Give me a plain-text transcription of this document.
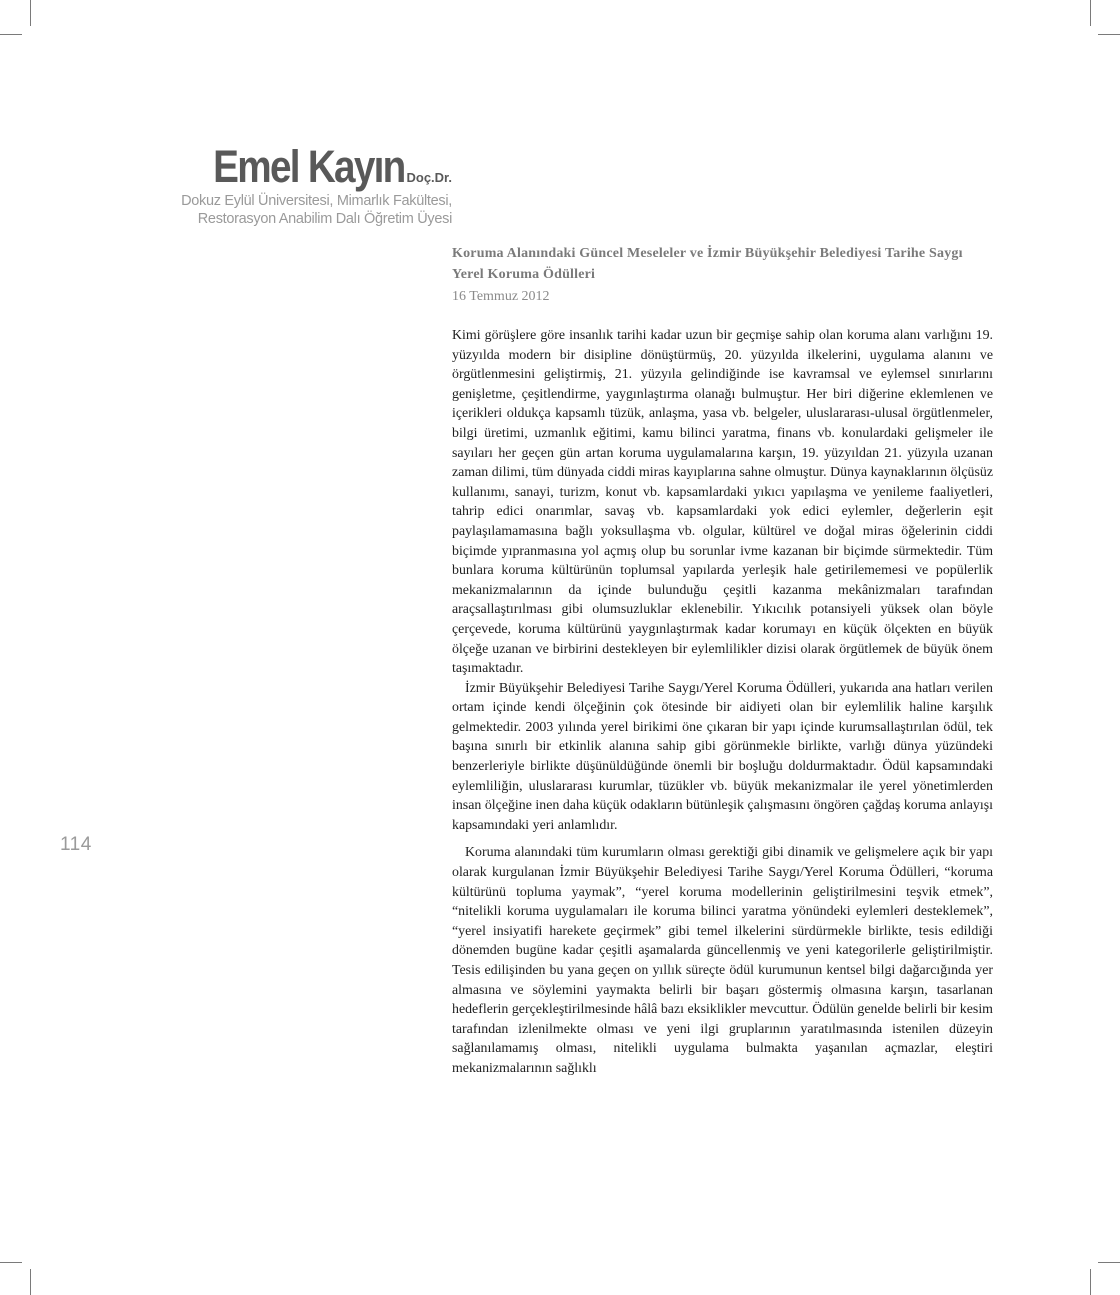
Emel Kayın Doç.Dr.
Dokuz Eylül Üniversitesi, Mimarlık Fakültesi,
Restorasyon Anabilim Dalı Öğretim Üyesi
Koruma Alanındaki Güncel Meseleler ve İzmir Büyükşehir Belediyesi Tarihe Saygı Yerel Koruma Ödülleri
16 Temmuz 2012

Kimi görüşlere göre insanlık tarihi kadar uzun bir geçmişe sahip olan koruma alanı varlığını 19. yüzyılda modern bir disipline dönüştürmüş, 20. yüzyılda ilkelerini, uygulama alanını ve örgütlenmesini geliştirmiş, 21. yüzyıla gelindiğinde ise kavramsal ve eylemsel sınırlarını genişletme, çeşitlendirme, yaygınlaştırma olanağı bulmuştur. Her biri diğerine eklemlenen ve içerikleri oldukça kapsamlı tüzük, anlaşma, yasa vb. belgeler, uluslararası-ulusal örgütlenmeler, bilgi üretimi, uzmanlık eğitimi, kamu bilinci yaratma, finans vb. konulardaki gelişmeler ile sayıları her geçen gün artan koruma uygulamalarına karşın, 19. yüzyıldan 21. yüzyıla uzanan zaman dilimi, tüm dünyada ciddi miras kayıplarına sahne olmuştur. Dünya kaynaklarının ölçüsüz kullanımı, sanayi, turizm, konut vb. kapsamlardaki yıkıcı yapılaşma ve yenileme faaliyetleri, tahrip edici onarımlar, savaş vb. kapsamlardaki yok edici eylemler, değerlerin eşit paylaşılamamasına bağlı yoksullaşma vb. olgular, kültürel ve doğal miras öğelerinin ciddi biçimde yıpranmasına yol açmış olup bu sorunlar ivme kazanan bir biçimde sürmektedir. Tüm bunlara koruma kültürünün toplumsal yapılarda yerleşik hale getirilememesi ve popülerlik mekanizmalarının da içinde bulunduğu çeşitli kazanma mekânizmaları tarafından araçsallaştırılması gibi olumsuzluklar eklenebilir. Yıkıcılık potansiyeli yüksek olan böyle çerçevede, koruma kültürünü yaygınlaştırmak kadar korumayı en küçük ölçekten en büyük ölçeğe uzanan ve birbirini destekleyen bir eylemlilikler dizisi olarak örgütlemek de büyük önem taşımaktadır.

İzmir Büyükşehir Belediyesi Tarihe Saygı/Yerel Koruma Ödülleri, yukarıda ana hatları verilen ortam içinde kendi ölçeğinin çok ötesinde bir aidiyeti olan bir eylemlilik haline karşılık gelmektedir. 2003 yılında yerel birikimi öne çıkaran bir yapı içinde kurumsallaştırılan ödül, tek başına sınırlı bir etkinlik alanına sahip gibi görünmekle birlikte, varlığı dünya yüzündeki benzerleriyle birlikte düşünüldüğünde önemli bir boşluğu doldurmaktadır. Ödül kapsamındaki eylemliliğin, uluslararası kurumlar, tüzükler vb. büyük mekanizmalar ile yerel yönetimlerden insan ölçeğine inen daha küçük odakların bütünleşik çalışmasını öngören çağdaş koruma anlayışı kapsamındaki yeri anlamlıdır.

Koruma alanındaki tüm kurumların olması gerektiği gibi dinamik ve gelişmelere açık bir yapı olarak kurgulanan İzmir Büyükşehir Belediyesi Tarihe Saygı/Yerel Koruma Ödülleri, “koruma kültürünü topluma yaymak”, “yerel koruma modellerinin geliştirilmesini teşvik etmek”, “nitelikli koruma uygulamaları ile koruma bilinci yaratma yönündeki eylemleri desteklemek”, “yerel insiyatifi harekete geçirmek” gibi temel ilkelerini sürdürmekle birlikte, tesis edildiği dönemden bugüne kadar çeşitli aşamalarda güncellenmiş ve yeni kategorilerle geliştirilmiştir. Tesis edilişinden bu yana geçen on yıllık süreçte ödül kurumunun kentsel bilgi dağarcığında yer almasına ve söylemini yaymakta belirli bir başarı göstermiş olmasına karşın, tasarlanan hedeflerin gerçekleştirilmesinde hâlâ bazı eksiklikler mevcuttur. Ödülün genelde belirli bir kesim tarafından izlenilmekte olması ve yeni ilgi gruplarının yaratılmasında istenilen düzeyin sağlanılamamış olması, nitelikli uygulama bulmakta yaşanılan açmazlar, eleştiri mekanizmalarının sağlıklı

114
